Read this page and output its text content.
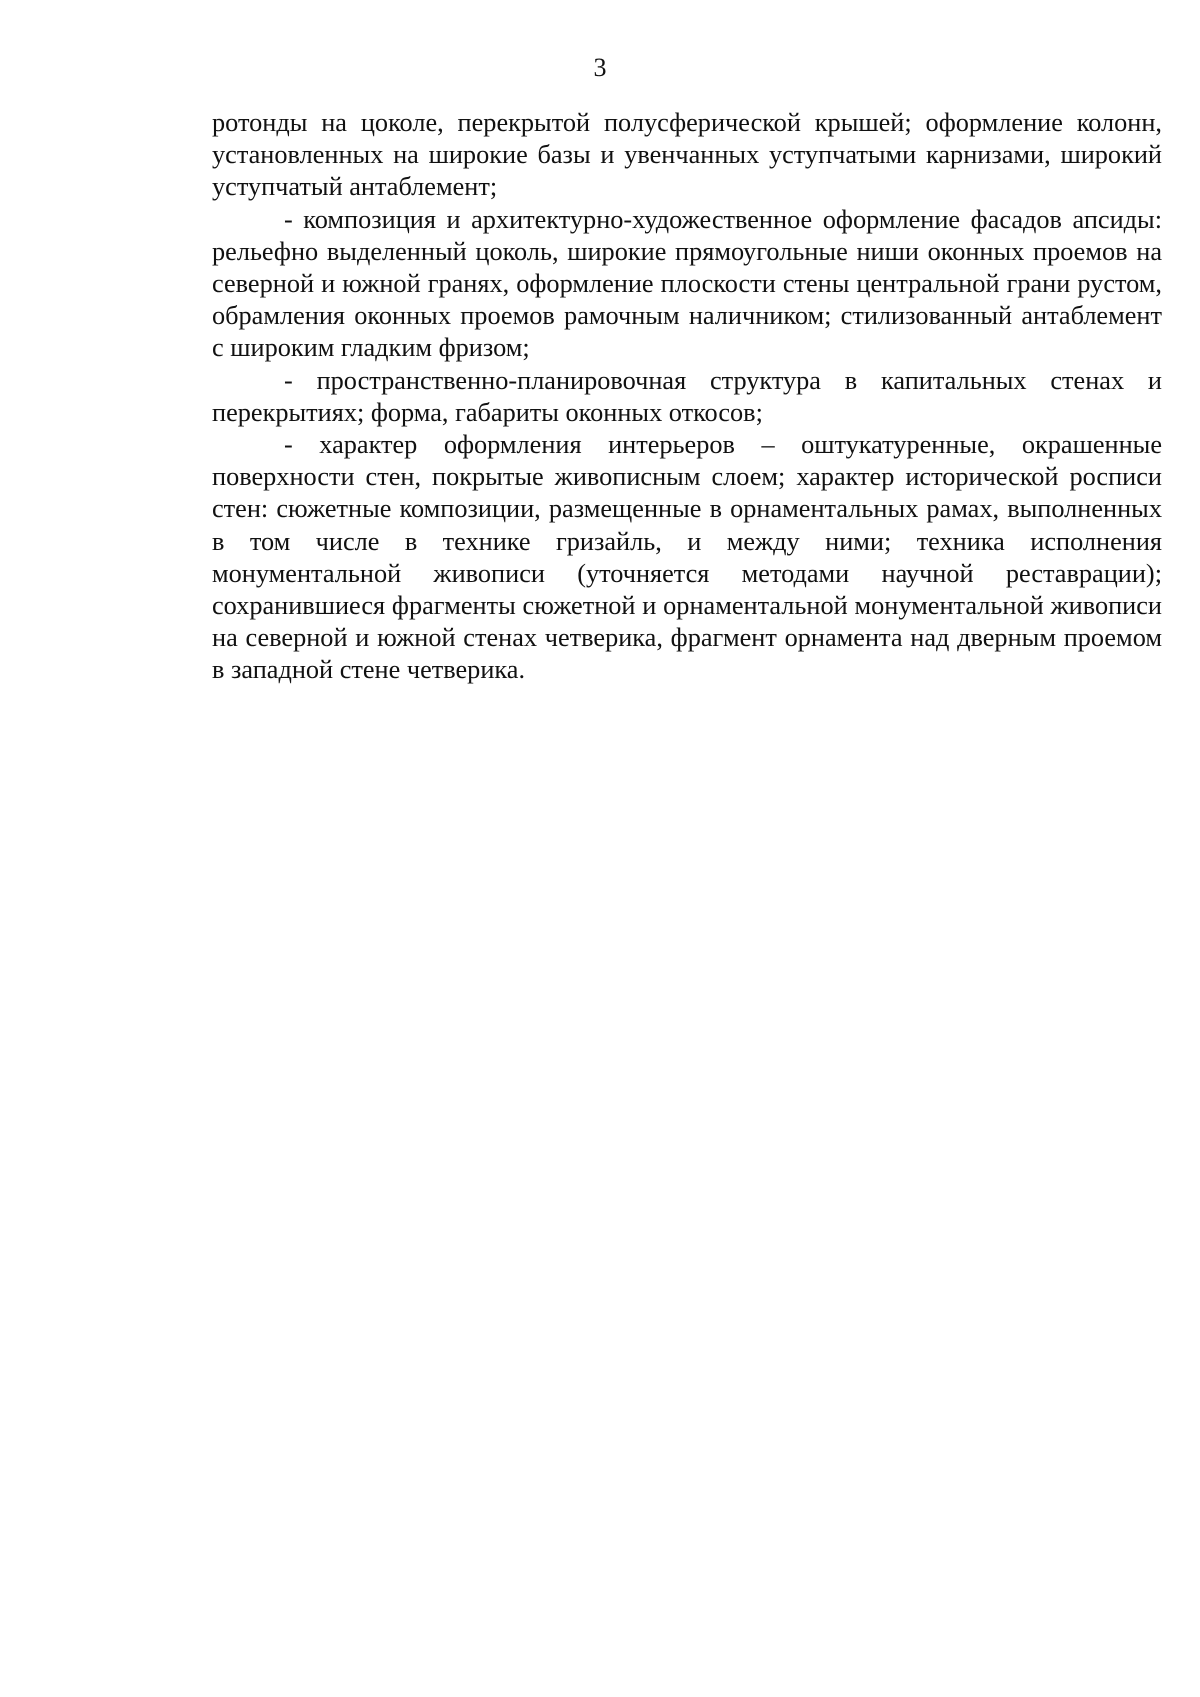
3

ротонды на цоколе, перекрытой полусферической крышей; оформление колонн, установленных на широкие базы и увенчанных уступчатыми карнизами, широкий уступчатый антаблемент;

- композиция и архитектурно-художественное оформление фасадов апсиды: рельефно выделенный цоколь, широкие прямоугольные ниши оконных проемов на северной и южной гранях, оформление плоскости стены центральной грани рустом, обрамления оконных проемов рамочным наличником; стилизованный антаблемент с широким гладким фризом;

- пространственно-планировочная структура в капитальных стенах и перекрытиях; форма, габариты оконных откосов;

- характер оформления интерьеров – оштукатуренные, окрашенные поверхности стен, покрытые живописным слоем; характер исторической росписи стен: сюжетные композиции, размещенные в орнаментальных рамах, выполненных в том числе в технике гризайль, и между ними; техника исполнения монументальной живописи (уточняется методами научной реставрации); сохранившиеся фрагменты сюжетной и орнаментальной монументальной живописи на северной и южной стенах четверика, фрагмент орнамента над дверным проемом в западной стене четверика.
